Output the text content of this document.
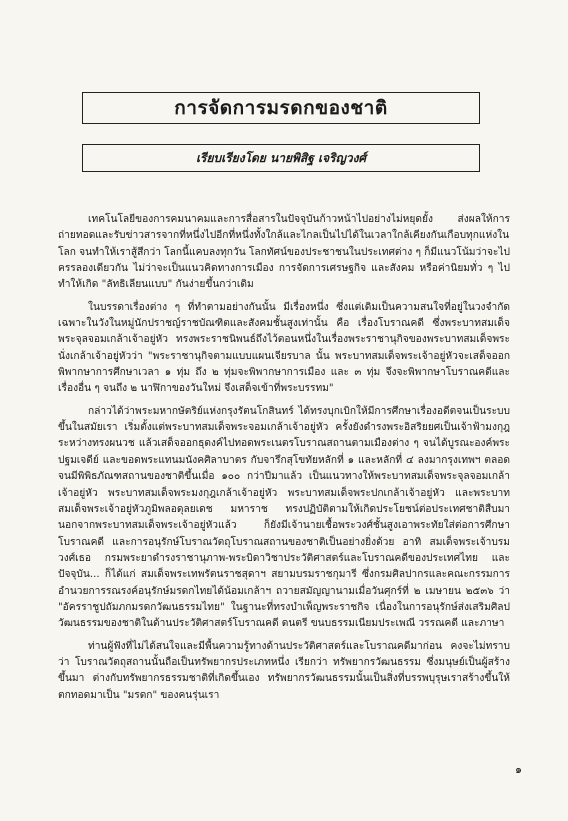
การจัดการมรดกของชาติ
เรียบเรียงโดย นายพิสิฐ เจริญวงศ์

เทคโนโลยีของการคมนาคมและการสื่อสารในปัจจุบันก้าวหน้าไปอย่างไม่หยุดยั้ง ส่งผลให้การถ่ายทอดและรับข่าวสารจากที่หนึ่งไปอีกที่หนึ่งทั้งใกล้และไกลเป็นไปได้ในเวลาใกล้เคียงกันเกือบทุกแห่งในโลก จนทำให้เราสู้สึกว่า โลกนี้แคบลงทุกวัน โลกทัศน์ของประชาชนในประเทศต่าง ๆ ก็มีแนวโน้มว่าจะไปครรลองเดียวกัน ไม่ว่าจะเป็นแนวคิดทางการเมือง การจัดการเศรษฐกิจ และสังคม หรือค่านิยมทั่ว ๆ ไป ทำให้เกิด "ลัทธิเลียนแบบ" กันง่ายขึ้นกว่าเดิม

ในบรรดาเรื่องต่าง ๆ ที่ทำตามอย่างกันนั้น มีเรื่องหนึ่ง ซึ่งแต่เดิมเป็นความสนใจที่อยู่ในวงจำกัดเฉพาะในวังในหมู่นักปราชญ์ราชบัณฑิตและสังคมชั้นสูงเท่านั้น คือ เรื่องโบราณคดี ซึ่งพระบาทสมเด็จพระจุลจอมเกล้าเจ้าอยู่หัว ทรงพระราชนิพนธ์ถึงไว้ตอนหนึ่งในเรื่องพระราชานุกิจของพระบาทสมเด็จพระนั่งเกล้าเจ้าอยู่หัวว่า "พระราชานุกิจตามแบบแผนเจียรบาล นั้น พระบาทสมเด็จพระเจ้าอยู่หัวจะเสด็จออกพิพากษาการศึกษาเวลา ๑ ทุ่ม ถึง ๒ ทุ่มจะพิพากษาการเมือง และ ๓ ทุ่ม จึงจะพิพากษาโบราณคดีและเรื่องอื่น ๆ จนถึง ๒ นาฬิกาของวันใหม่ จึงเสด็จเข้าที่พระบรรทม"

กล่าวได้ว่าพระมหากษัตริย์แห่งกรุงรัตนโกสินทร์ ได้ทรงบุกเบิกให้มีการศึกษาเรื่องอดีตจนเป็นระบบขึ้นในสมัยเรา เริ่มตั้งแต่พระบาทสมเด็จพระจอมเกล้าเจ้าอยู่หัว ครั้งยังดำรงพระอิสริยยศเป็นเจ้าฟ้ามงกุฎ ระหว่างทรงผนวช แล้วเสด็จออกธุดงค์ไปทอดพระเนตรโบราณสถานตามเมืองต่าง ๆ จนได้บูรณะองค์พระปฐมเจดีย์ และขอดพระแทนมนังคศิลาบาตร กับจารึกสุโขทัยหลักที่ ๑ และหลักที่ ๔ ลงมากรุงเทพฯ ตลอดจนมีพิพิธภัณฑสถานของชาติขึ้นเมื่อ ๑๐๐ กว่าปีมาแล้ว เป็นแนวทางให้พระบาทสมเด็จพระจุลจอมเกล้าเจ้าอยู่หัว พระบาทสมเด็จพระมงกุฎเกล้าเจ้าอยู่หัว พระบาทสมเด็จพระปกเกล้าเจ้าอยู่หัว และพระบาทสมเด็จพระเจ้าอยู่หัวภูมิพลอดุลยเดช มหาราช ทรงปฏิบัติตามให้เกิดประโยชน์ต่อประเทศชาติสืบมา นอกจากพระบาทสมเด็จพระเจ้าอยู่หัวแล้ว ก็ยังมีเจ้านายเชื้อพระวงศ์ชั้นสูงเอาพระทัยใส่ต่อการศึกษาโบราณคดี และการอนุรักษ์โบราณวัตถุโบราณสถานของชาติเป็นอย่างยิ่งด้วย อาทิ สมเด็จพระเจ้าบรมวงศ์เธอ กรมพระยาดำรงราชานุภาพ-พระบิดาวิชาประวัติศาสตร์และโบราณคดีของประเทศไทย และปัจจุบัน... ก็ได้แก่ สมเด็จพระเทพรัตนราชสุดาฯ สยามบรมราชกุมารี ซึ่งกรมศิลปากรและคณะกรรมการอำนวยการรณรงค์อนุรักษ์มรดกไทยได้น้อมเกล้าฯ ถวายสมัญญานามเมื่อวันศุกร์ที่ ๒ เมษายน ๒๕๓๖ ว่า "อัครราชูปถัมภกมรดกวัฒนธรรมไทย" ในฐานะที่ทรงบำเพ็ญพระราชกิจ เนื่องในการอนุรักษ์ส่งเสริมศิลปวัฒนธรรมของชาติในด้านประวัติศาสตร์โบราณคดี ดนตรี ขนบธรรมเนียมประเพณี วรรณคดี และภาษา

ท่านผู้ฟังที่ไม่ได้สนใจและมีพื้นความรู้ทางด้านประวัติศาสตร์และโบราณคดีมาก่อน คงจะไม่ทราบว่า โบราณวัตถุสถานนั้นถือเป็นทรัพยากรประเภทหนึ่ง เรียกว่า ทรัพยากรวัฒนธรรม ซึ่งมนุษย์เป็นผู้สร้างขึ้นมา ต่างกับทรัพยากรธรรมชาติที่เกิดขึ้นเอง ทรัพยากรวัฒนธรรมนั้นเป็นสิ่งที่บรรพบุรุษเราสร้างขึ้นให้ตกทอดมาเป็น "มรดก" ของคนรุ่นเรา

๑
